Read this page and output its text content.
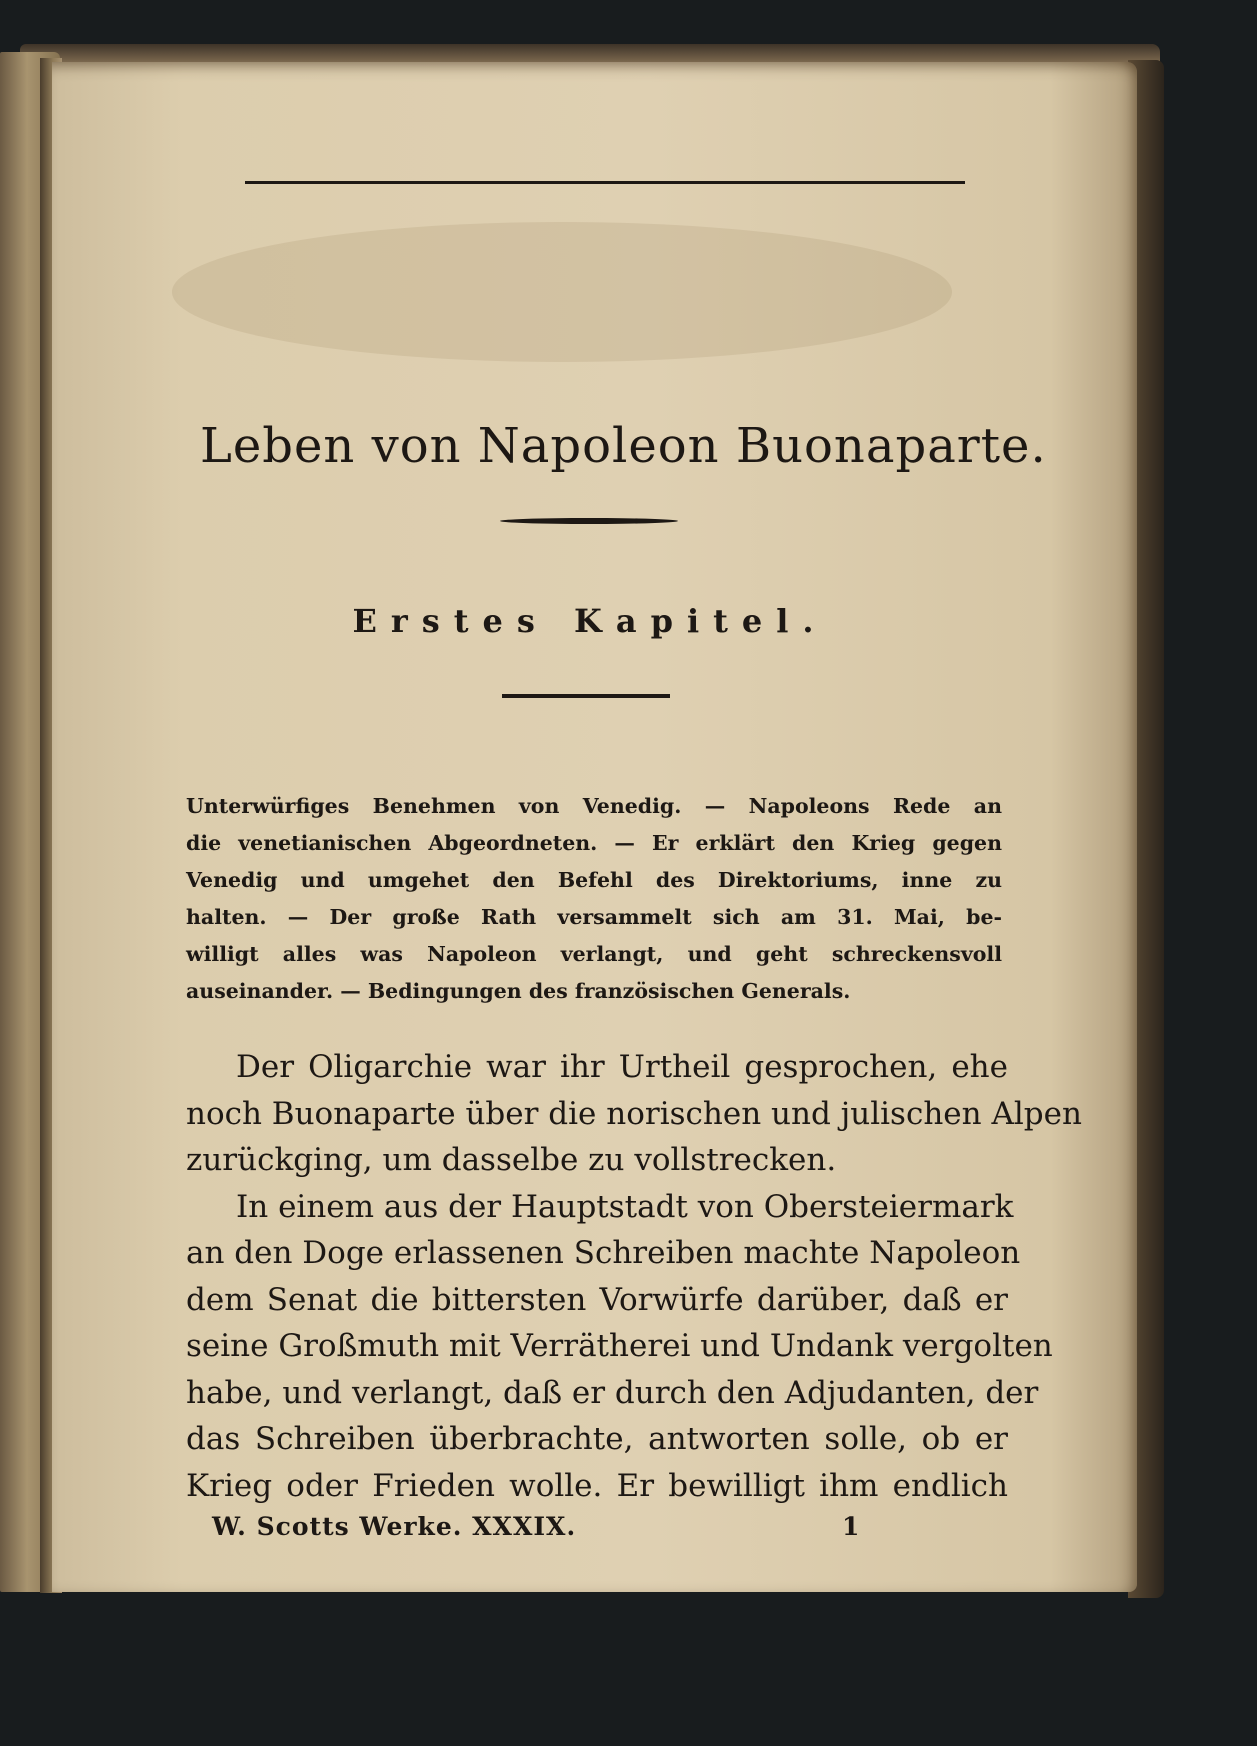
Leben von Napoleon Buonaparte.
Erstes Kapitel.
Unterwürfiges Benehmen von Venedig. — Napoleons Rede an
die venetianischen Abgeordneten. — Er erklärt den Krieg gegen
Venedig und umgehet den Befehl des Direktoriums, inne zu
halten. — Der große Rath versammelt sich am 31. Mai, be-
willigt alles was Napoleon verlangt, und geht schreckensvoll
auseinander. — Bedingungen des französischen Generals.
Der Oligarchie war ihr Urtheil gesprochen, ehe
noch Buonaparte über die norischen und julischen Alpen
zurückging, um dasselbe zu vollstrecken.
In einem aus der Hauptstadt von Obersteiermark
an den Doge erlassenen Schreiben machte Napoleon
dem Senat die bittersten Vorwürfe darüber, daß er
seine Großmuth mit Verrätherei und Undank vergolten
habe, und verlangt, daß er durch den Adjudanten, der
das Schreiben überbrachte, antworten solle, ob er
Krieg oder Frieden wolle. Er bewilligt ihm endlich
W. Scotts Werke. XXXIX.	1
